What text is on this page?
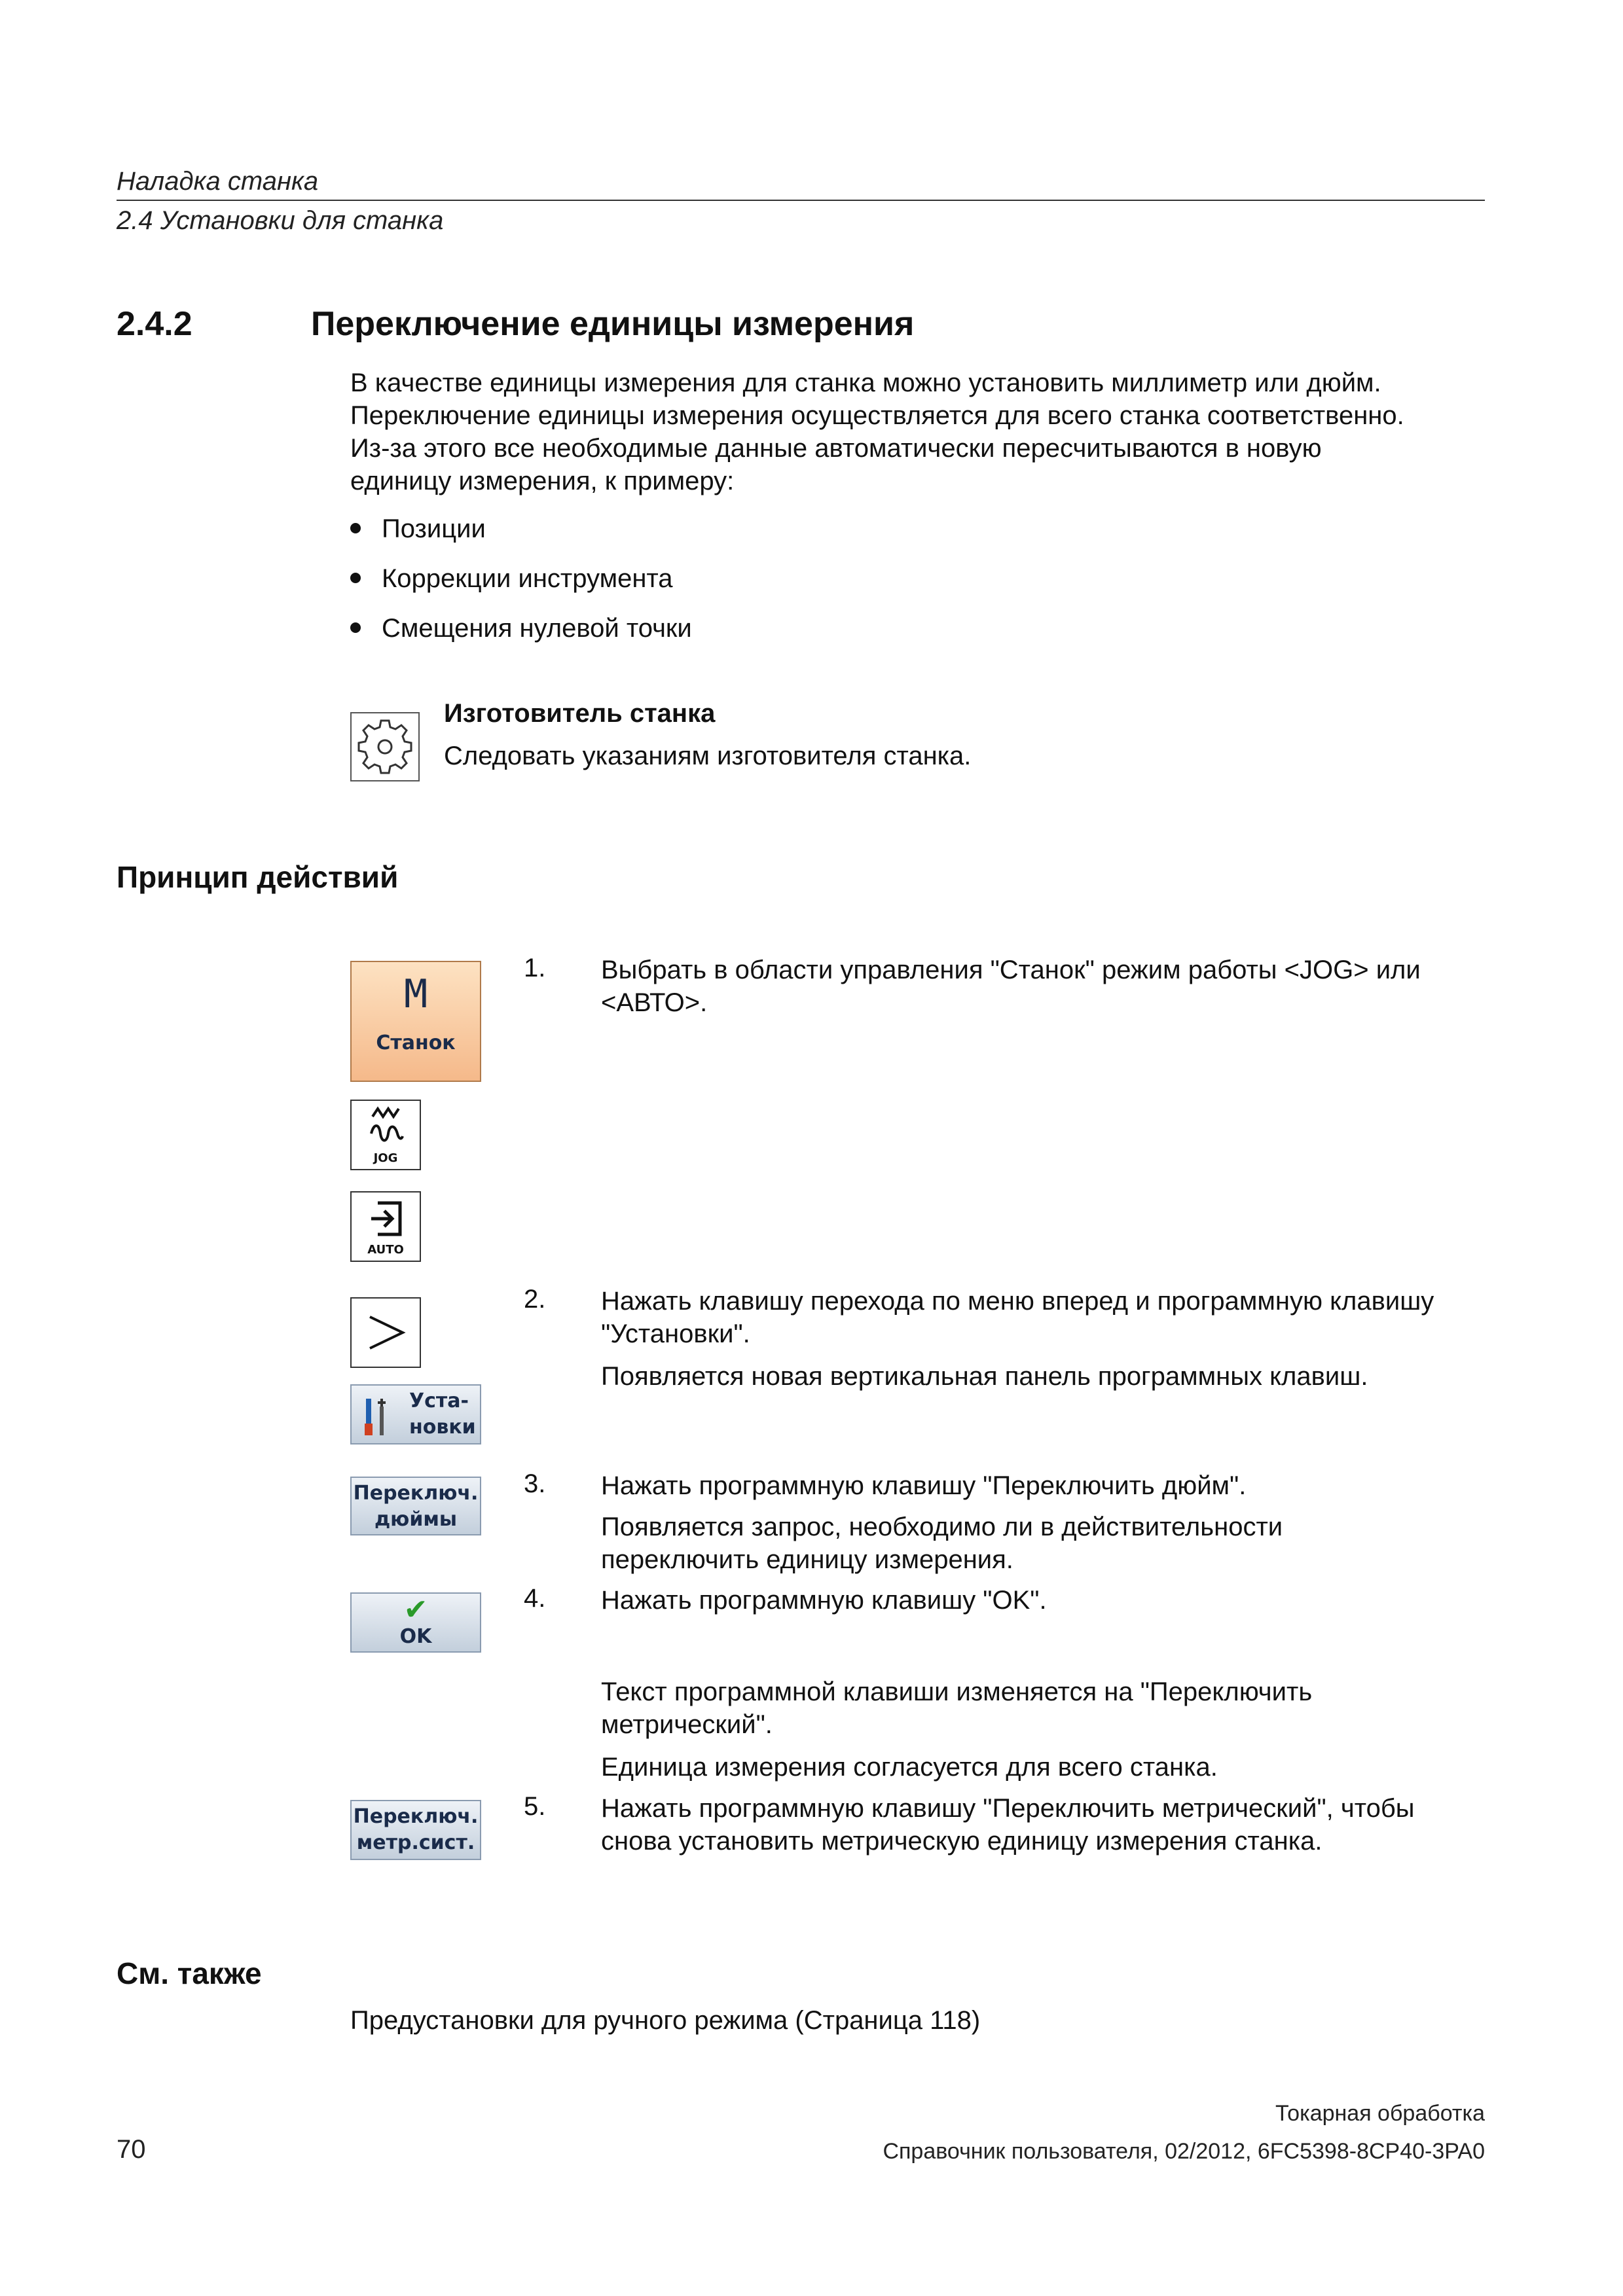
Наладка станка
2.4 Установки для станка
2.4.2	Переключение единицы измерения
В качестве единицы измерения для станка можно установить миллиметр или дюйм.
Переключение единицы измерения осуществляется для всего станка соответственно.
Из-за этого все необходимые данные автоматически пересчитываются в новую
единицу измерения, к примеру:
Позиции
Коррекции инструмента
Смещения нулевой точки
Изготовитель станка
Следовать указаниям изготовителя станка.
Принцип действий
M
Станок
JOG
AUTO
1. Выбрать в области управления "Станок" режим работы <JOG> или
<АВТО>.
Уста-
новки
2. Нажать клавишу перехода по меню вперед и программную клавишу
"Установки".
Появляется новая вертикальная панель программных клавиш.
Переключ.
дюймы
3. Нажать программную клавишу "Переключить дюйм".
Появляется запрос, необходимо ли в действительности
переключить единицу измерения.
✔
OK
4. Нажать программную клавишу "OK".
Текст программной клавиши изменяется на "Переключить
метрический".
Единица измерения согласуется для всего станка.
Переключ.
метр.сист.
5. Нажать программную клавишу "Переключить метрический", чтобы
снова установить метрическую единицу измерения станка.
См. также
Предустановки для ручного режима (Страница 118)
Токарная обработка
70	Справочник пользователя, 02/2012, 6FC5398-8CP40-3PA0
